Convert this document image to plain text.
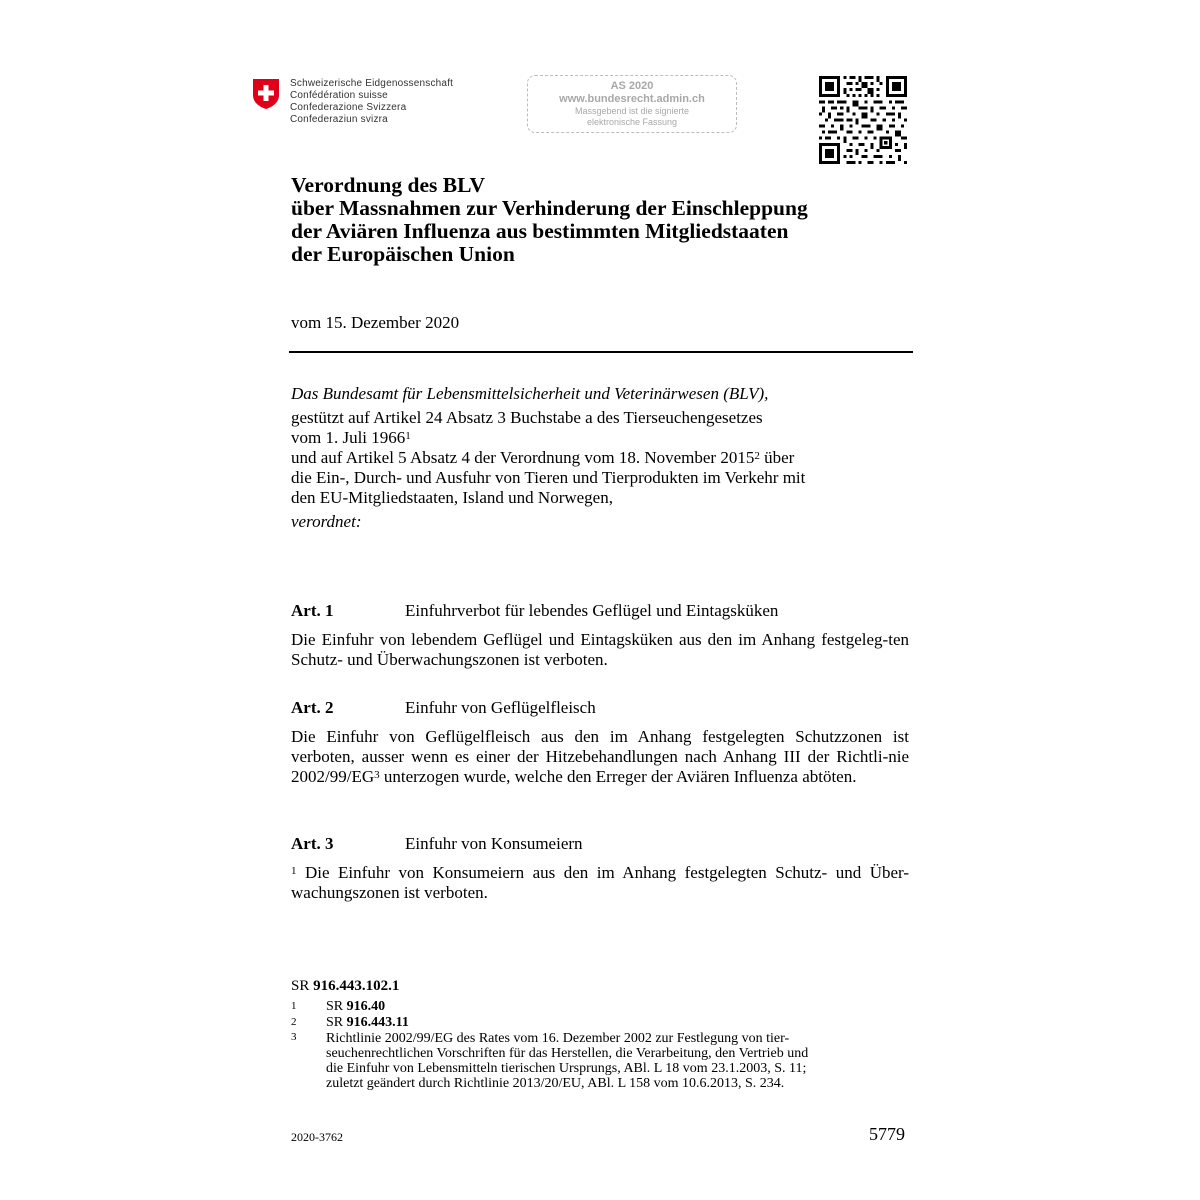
Schweizerische Eidgenossenschaft
Confédération suisse
Confederazione Svizzera
Confederaziun svizra
AS 2020
www.bundesrecht.admin.ch
Massgebend ist die signierte
elektronische Fassung
Verordnung des BLV
über Massnahmen zur Verhinderung der Einschleppung
der Aviären Influenza aus bestimmten Mitgliedstaaten
der Europäischen Union
vom 15. Dezember 2020
Das Bundesamt für Lebensmittelsicherheit und Veterinärwesen (BLV),
gestützt auf Artikel 24 Absatz 3 Buchstabe a des Tierseuchengesetzes
vom 1. Juli 1966$^1$
und auf Artikel 5 Absatz 4 der Verordnung vom 18. November 2015$^2$ über
die Ein-, Durch- und Ausfuhr von Tieren und Tierprodukten im Verkehr mit
den EU-Mitgliedstaaten, Island und Norwegen,
verordnet:
Art. 1	Einfuhrverbot für lebendes Geflügel und Eintagsküken
Die Einfuhr von lebendem Geflügel und Eintagsküken aus den im Anhang festgeleg-ten Schutz- und Überwachungszonen ist verboten.
Art. 2	Einfuhr von Geflügelfleisch
Die Einfuhr von Geflügelfleisch aus den im Anhang festgelegten Schutzzonen ist verboten, ausser wenn es einer der Hitzebehandlungen nach Anhang III der Richtli-nie $2002/99/EG^3$ unterzogen wurde, welche den Erreger der Aviären Influenza abtöten.
Art. 3	Einfuhr von Konsumeiern
$^1$ Die Einfuhr von Konsumeiern aus den im Anhang festgelegten Schutz- und Über-wachungszonen ist verboten.
SR 916.443.102.1
1 SR 916.40
2 SR 916.443.11
3 Richtlinie 2002/99/EG des Rates vom 16. Dezember 2002 zur Festlegung von tier-
seuchenrechtlichen Vorschriften für das Herstellen, die Verarbeitung, den Vertrieb und
die Einfuhr von Lebensmitteln tierischen Ursprungs, ABl. L 18 vom 23.1.2003, S. 11;
zuletzt geändert durch Richtlinie 2013/20/EU, ABl. L 158 vom 10.6.2013, S. 234.
2020-3762	5779
